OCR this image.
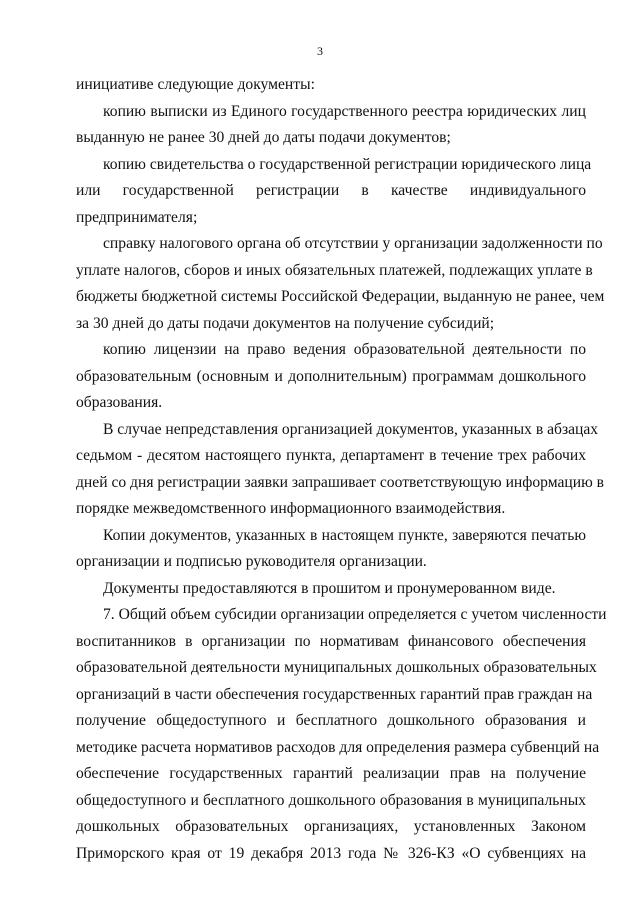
3

инициативе следующие документы:

копию выписки из Единого государственного реестра юридических лиц

выданную не ранее 30 дней до даты подачи документов;

копию свидетельства о государственной регистрации юридического лица

или государственной регистрации в качестве индивидуального

предпринимателя;

справку налогового органа об отсутствии у организации задолженности по

уплате налогов, сборов и иных обязательных платежей, подлежащих уплате в

бюджеты бюджетной системы Российской Федерации, выданную не ранее, чем

за 30 дней до даты подачи документов на получение субсидий;

копию лицензии на право ведения образовательной деятельности по

образовательным (основным и дополнительным) программам дошкольного

образования.

В случае непредставления организацией документов, указанных в абзацах

седьмом - десятом настоящего пункта, департамент в течение трех рабочих

дней со дня регистрации заявки запрашивает соответствующую информацию в

порядке межведомственного информационного взаимодействия.

Копии документов, указанных в настоящем пункте, заверяются печатью

организации и подписью руководителя организации.

Документы предоставляются в прошитом и пронумерованном виде.

7. Общий объем субсидии организации определяется с учетом численности

воспитанников в организации по нормативам финансового обеспечения

образовательной деятельности муниципальных дошкольных образовательных

организаций в части обеспечения государственных гарантий прав граждан на

получение общедоступного и бесплатного дошкольного образования и

методике расчета нормативов расходов для определения размера субвенций на

обеспечение государственных гарантий реализации прав на получение

общедоступного и бесплатного дошкольного образования в муниципальных

дошкольных образовательных организациях, установленных Законом

Приморского края от 19 декабря 2013 года № 326-КЗ «О субвенциях на
